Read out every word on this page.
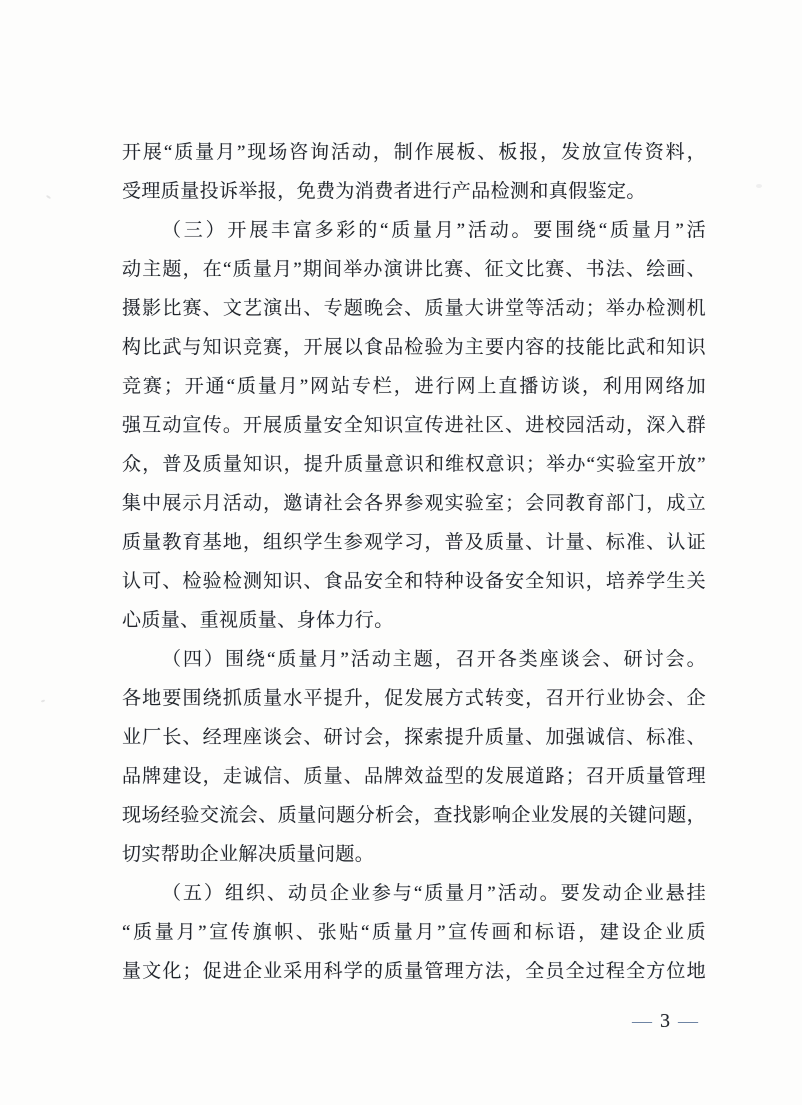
开展“质量月”现场咨询活动，制作展板、板报，发放宣传资料，
受理质量投诉举报，免费为消费者进行产品检测和真假鉴定。
（三）开展丰富多彩的“质量月”活动。要围绕“质量月”活
动主题，在“质量月”期间举办演讲比赛、征文比赛、书法、绘画、
摄影比赛、文艺演出、专题晚会、质量大讲堂等活动；举办检测机
构比武与知识竞赛，开展以食品检验为主要内容的技能比武和知识
竞赛；开通“质量月”网站专栏，进行网上直播访谈，利用网络加
强互动宣传。开展质量安全知识宣传进社区、进校园活动，深入群
众，普及质量知识，提升质量意识和维权意识；举办“实验室开放”
集中展示月活动，邀请社会各界参观实验室；会同教育部门，成立
质量教育基地，组织学生参观学习，普及质量、计量、标准、认证
认可、检验检测知识、食品安全和特种设备安全知识，培养学生关
心质量、重视质量、身体力行。
（四）围绕“质量月”活动主题，召开各类座谈会、研讨会。
各地要围绕抓质量水平提升，促发展方式转变，召开行业协会、企
业厂长、经理座谈会、研讨会，探索提升质量、加强诚信、标准、
品牌建设，走诚信、质量、品牌效益型的发展道路；召开质量管理
现场经验交流会、质量问题分析会，查找影响企业发展的关键问题，
切实帮助企业解决质量问题。
（五）组织、动员企业参与“质量月”活动。要发动企业悬挂
“质量月”宣传旗帜、张贴“质量月”宣传画和标语，建设企业质
量文化；促进企业采用科学的质量管理方法，全员全过程全方位地
— 3 —
